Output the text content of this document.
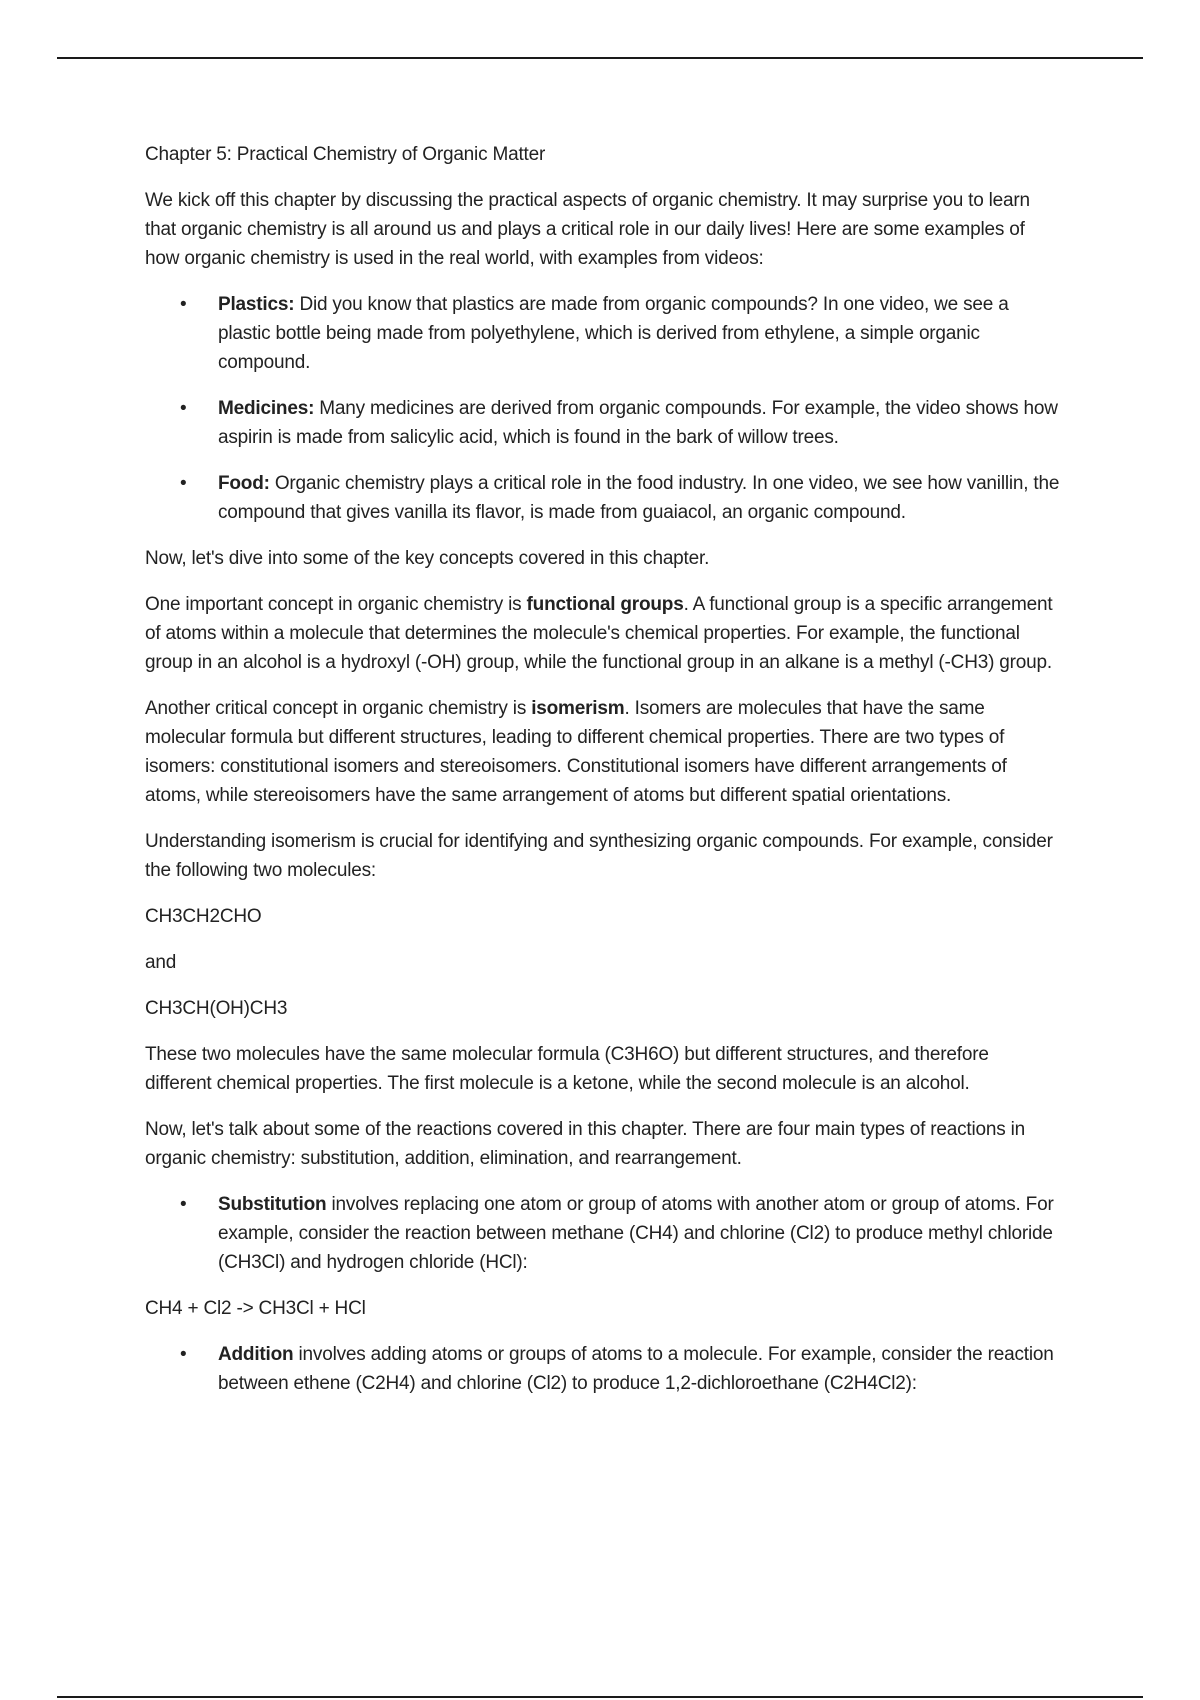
Chapter 5: Practical Chemistry of Organic Matter

We kick off this chapter by discussing the practical aspects of organic chemistry. It may surprise you to learn that organic chemistry is all around us and plays a critical role in our daily lives! Here are some examples of how organic chemistry is used in the real world, with examples from videos:

• Plastics: Did you know that plastics are made from organic compounds? In one video, we see a plastic bottle being made from polyethylene, which is derived from ethylene, a simple organic compound.
• Medicines: Many medicines are derived from organic compounds. For example, the video shows how aspirin is made from salicylic acid, which is found in the bark of willow trees.
• Food: Organic chemistry plays a critical role in the food industry. In one video, we see how vanillin, the compound that gives vanilla its flavor, is made from guaiacol, an organic compound.

Now, let's dive into some of the key concepts covered in this chapter.

One important concept in organic chemistry is functional groups. A functional group is a specific arrangement of atoms within a molecule that determines the molecule's chemical properties. For example, the functional group in an alcohol is a hydroxyl (-OH) group, while the functional group in an alkane is a methyl (-CH3) group.

Another critical concept in organic chemistry is isomerism. Isomers are molecules that have the same molecular formula but different structures, leading to different chemical properties. There are two types of isomers: constitutional isomers and stereoisomers. Constitutional isomers have different arrangements of atoms, while stereoisomers have the same arrangement of atoms but different spatial orientations.

Understanding isomerism is crucial for identifying and synthesizing organic compounds. For example, consider the following two molecules:

CH3CH2CHO

and

CH3CH(OH)CH3

These two molecules have the same molecular formula (C3H6O) but different structures, and therefore different chemical properties. The first molecule is a ketone, while the second molecule is an alcohol.

Now, let's talk about some of the reactions covered in this chapter. There are four main types of reactions in organic chemistry: substitution, addition, elimination, and rearrangement.

• Substitution involves replacing one atom or group of atoms with another atom or group of atoms. For example, consider the reaction between methane (CH4) and chlorine (Cl2) to produce methyl chloride (CH3Cl) and hydrogen chloride (HCl):

CH4 + Cl2 -> CH3Cl + HCl

• Addition involves adding atoms or groups of atoms to a molecule. For example, consider the reaction between ethene (C2H4) and chlorine (Cl2) to produce 1,2-dichloroethane (C2H4Cl2):
